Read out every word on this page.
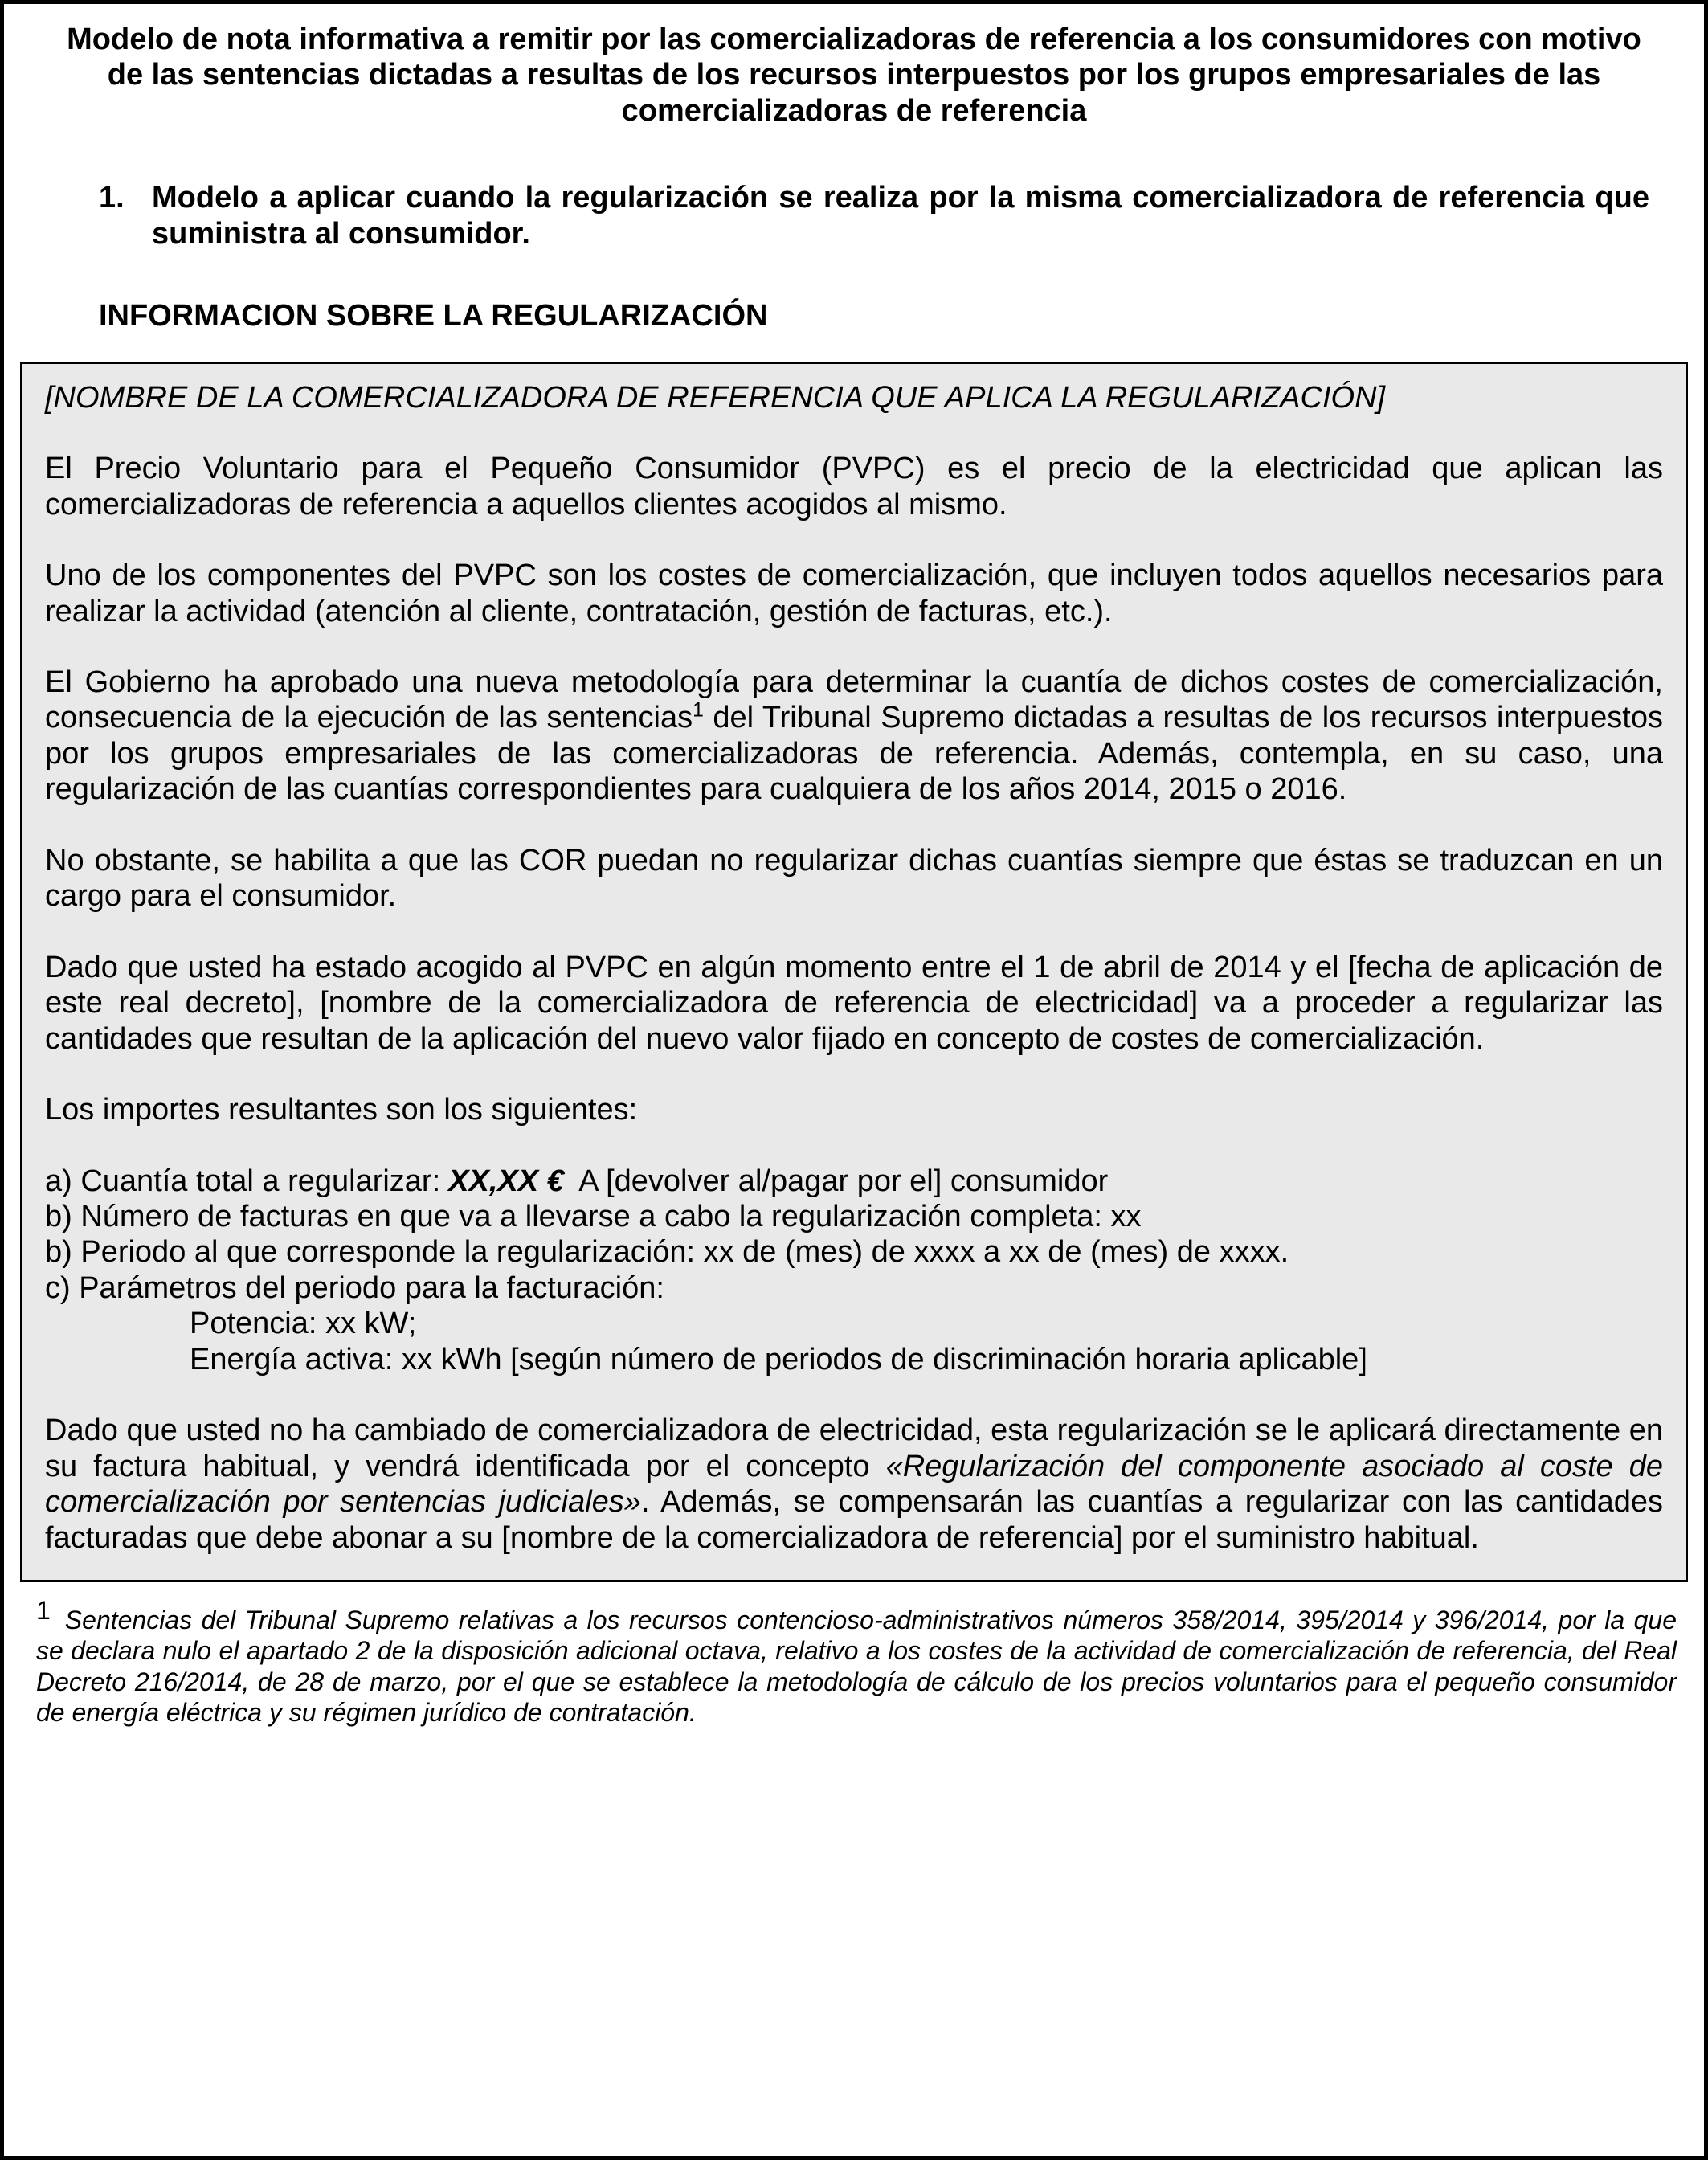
Modelo de nota informativa a remitir por las comercializadoras de referencia a los consumidores con motivo de las sentencias dictadas a resultas de los recursos interpuestos por los grupos empresariales de las comercializadoras de referencia
1. Modelo a aplicar cuando la regularización se realiza por la misma comercializadora de referencia que suministra al consumidor.
INFORMACION SOBRE LA REGULARIZACIÓN

[NOMBRE DE LA COMERCIALIZADORA DE REFERENCIA QUE APLICA LA REGULARIZACIÓN]

El Precio Voluntario para el Pequeño Consumidor (PVPC) es el precio de la electricidad que aplican las comercializadoras de referencia a aquellos clientes acogidos al mismo.

Uno de los componentes del PVPC son los costes de comercialización, que incluyen todos aquellos necesarios para realizar la actividad (atención al cliente, contratación, gestión de facturas, etc.).

El Gobierno ha aprobado una nueva metodología para determinar la cuantía de dichos costes de comercialización, consecuencia de la ejecución de las sentencias$^1$ del Tribunal Supremo dictadas a resultas de los recursos interpuestos por los grupos empresariales de las comercializadoras de referencia. Además, contempla, en su caso, una regularización de las cuantías correspondientes para cualquiera de los años 2014, 2015 o 2016.

No obstante, se habilita a que las COR puedan no regularizar dichas cuantías siempre que éstas se traduzcan en un cargo para el consumidor.

Dado que usted ha estado acogido al PVPC en algún momento entre el 1 de abril de 2014 y el [fecha de aplicación de este real decreto], [nombre de la comercializadora de referencia de electricidad] va a proceder a regularizar las cantidades que resultan de la aplicación del nuevo valor fijado en concepto de costes de comercialización.

Los importes resultantes son los siguientes:

a) Cuantía total a regularizar: XX,XX € A [devolver al/pagar por el] consumidor

b) Número de facturas en que va a llevarse a cabo la regularización completa: xx

b) Periodo al que corresponde la regularización: xx de (mes) de xxxx a xx de (mes) de xxxx.

c) Parámetros del periodo para la facturación:

Potencia: xx kW;

Energía activa: xx kWh [según número de periodos de discriminación horaria aplicable]

Dado que usted no ha cambiado de comercializadora de electricidad, esta regularización se le aplicará directamente en su factura habitual, y vendrá identificada por el concepto «Regularización del componente asociado al coste de comercialización por sentencias judiciales». Además, se compensarán las cuantías a regularizar con las cantidades facturadas que debe abonar a su [nombre de la comercializadora de referencia] por el suministro habitual.

1 Sentencias del Tribunal Supremo relativas a los recursos contencioso-administrativos números 358/2014, 395/2014 y 396/2014, por la que se declara nulo el apartado 2 de la disposición adicional octava, relativo a los costes de la actividad de comercialización de referencia, del Real Decreto 216/2014, de 28 de marzo, por el que se establece la metodología de cálculo de los precios voluntarios para el pequeño consumidor de energía eléctrica y su régimen jurídico de contratación.
